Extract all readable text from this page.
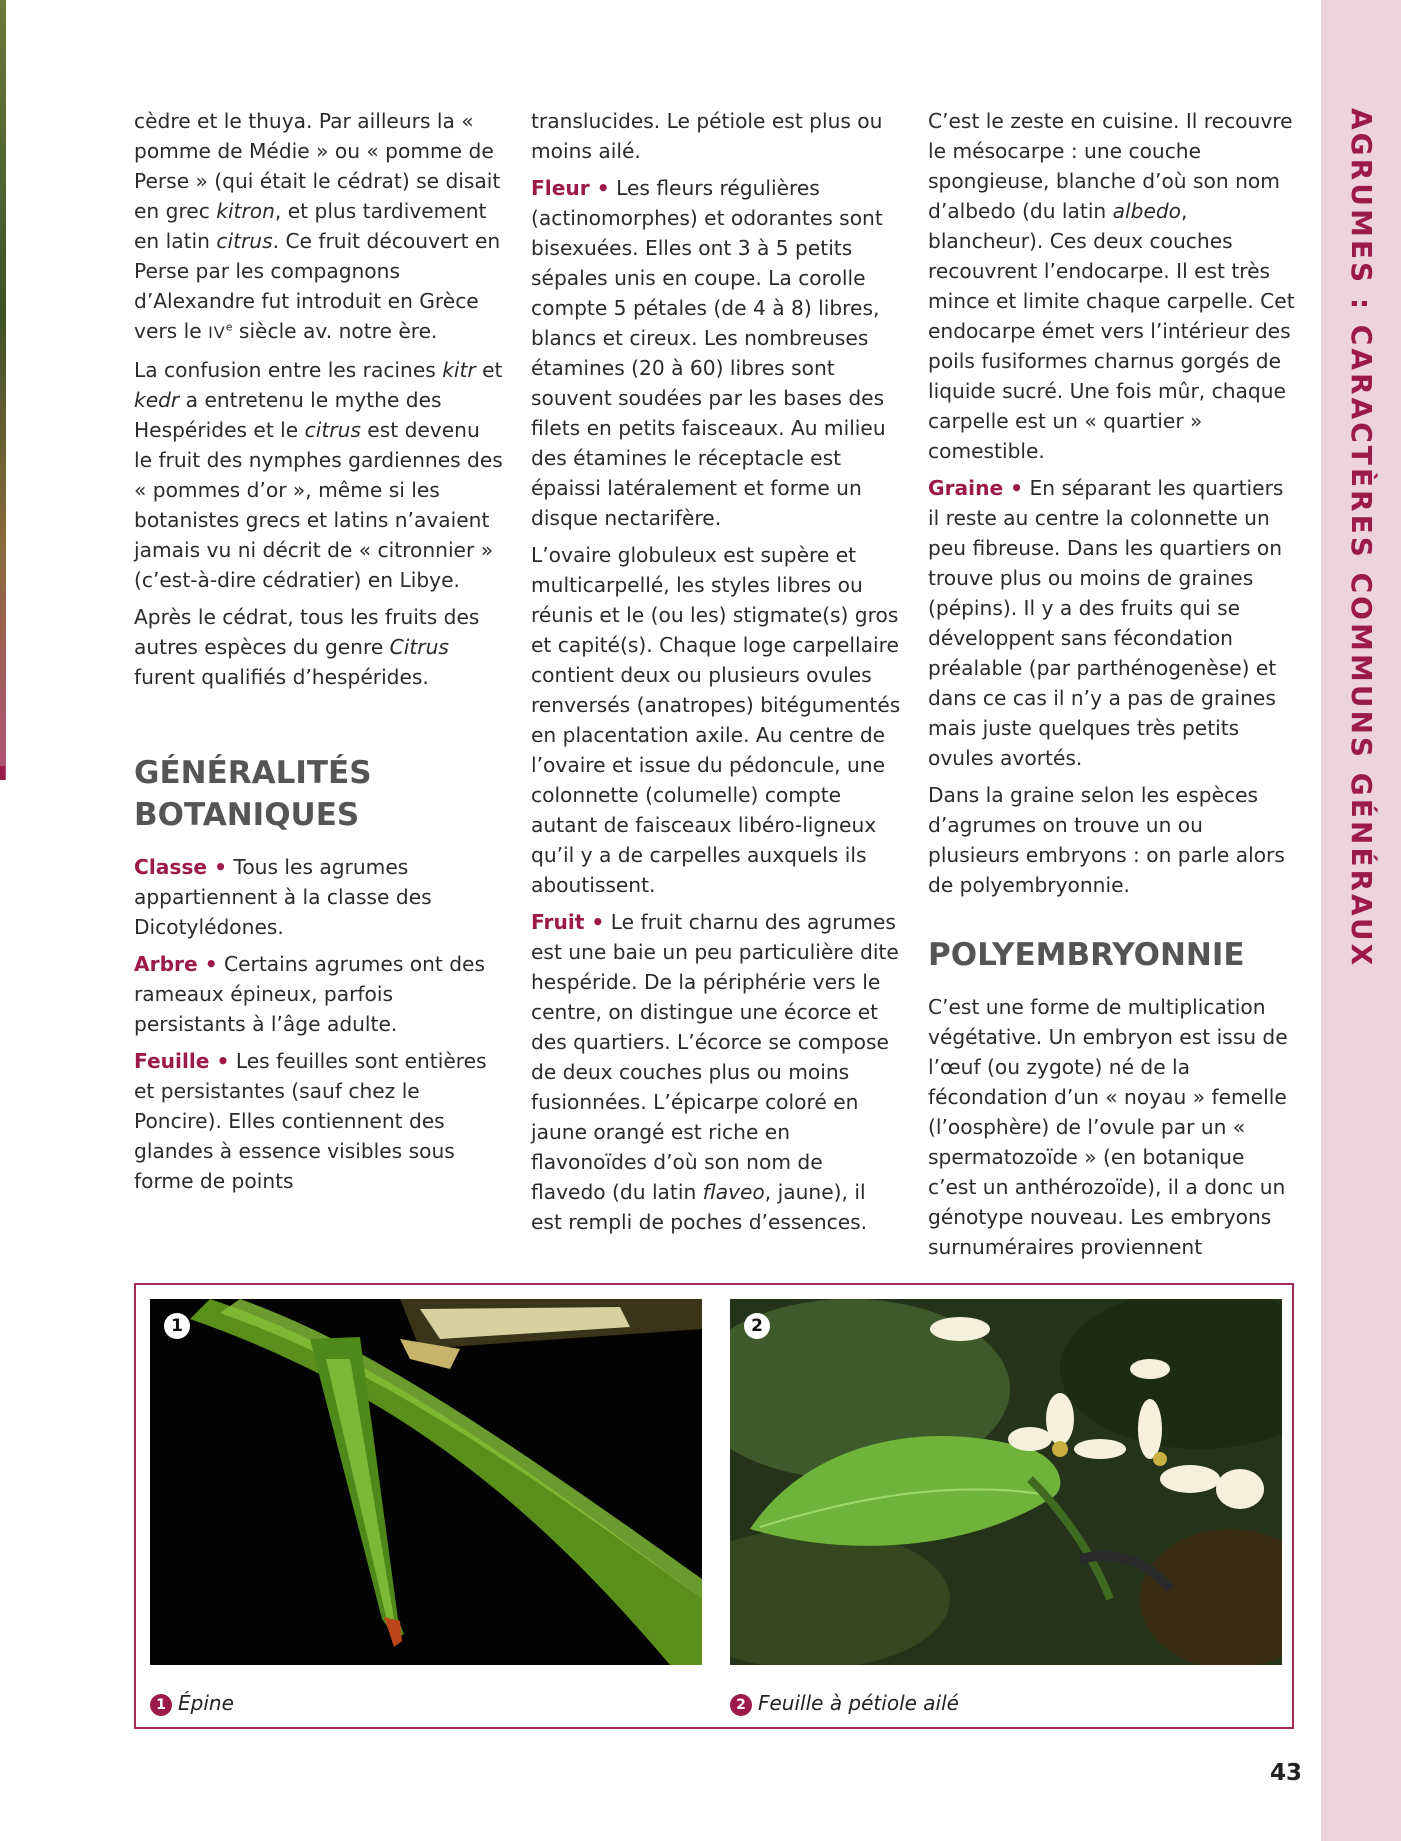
AGRUMES : CARACTÈRES COMMUNS GÉNÉRAUX

cèdre et le thuya. Par ailleurs la « pomme de Médie » ou « pomme de Perse » (qui était le cédrat) se disait en grec kitron, et plus tardivement en latin citrus. Ce fruit découvert en Perse par les compagnons d’Alexandre fut introduit en Grèce vers le IVe siècle av. notre ère.

La confusion entre les racines kitr et kedr a entretenu le mythe des Hespérides et le citrus est devenu le fruit des nymphes gardiennes des « pommes d’or », même si les botanistes grecs et latins n’avaient jamais vu ni décrit de « citronnier » (c’est-à-dire cédratier) en Libye.

Après le cédrat, tous les fruits des autres espèces du genre Citrus furent qualifiés d’hespérides.

GÉNÉRALITÉS
BOTANIQUES

Classe • Tous les agrumes appartiennent à la classe des Dicotylédones.

Arbre • Certains agrumes ont des rameaux épineux, parfois persistants à l’âge adulte.

Feuille • Les feuilles sont entières et persistantes (sauf chez le Poncire). Elles contiennent des glandes à essence visibles sous forme de points

translucides. Le pétiole est plus ou moins ailé.

Fleur • Les fleurs régulières (actinomorphes) et odorantes sont bisexuées. Elles ont 3 à 5 petits sépales unis en coupe. La corolle compte 5 pétales (de 4 à 8) libres, blancs et cireux. Les nombreuses étamines (20 à 60) libres sont souvent soudées par les bases des filets en petits faisceaux. Au milieu des étamines le réceptacle est épaissi latéralement et forme un disque nectarifère.

L’ovaire globuleux est supère et multicarpellé, les styles libres ou réunis et le (ou les) stigmate(s) gros et capité(s). Chaque loge carpellaire contient deux ou plusieurs ovules renversés (anatropes) bitégumentés en placentation axile. Au centre de l’ovaire et issue du pédoncule, une colonnette (columelle) compte autant de faisceaux libéro-ligneux qu’il y a de carpelles auxquels ils aboutissent.

Fruit • Le fruit charnu des agrumes est une baie un peu particulière dite hespéride. De la périphérie vers le centre, on distingue une écorce et des quartiers. L’écorce se compose de deux couches plus ou moins fusionnées. L’épicarpe coloré en jaune orangé est riche en flavonoïdes d’où son nom de flavedo (du latin flaveo, jaune), il est rempli de poches d’essences.

C’est le zeste en cuisine. Il recouvre le mésocarpe : une couche spongieuse, blanche d’où son nom d’albedo (du latin albedo, blancheur). Ces deux couches recouvrent l’endocarpe. Il est très mince et limite chaque carpelle. Cet endocarpe émet vers l’intérieur des poils fusiformes charnus gorgés de liquide sucré. Une fois mûr, chaque carpelle est un « quartier » comestible.

Graine • En séparant les quartiers il reste au centre la colonnette un peu fibreuse. Dans les quartiers on trouve plus ou moins de graines (pépins). Il y a des fruits qui se développent sans fécondation préalable (par parthénogenèse) et dans ce cas il n’y a pas de graines mais juste quelques très petits ovules avortés.

Dans la graine selon les espèces d’agrumes on trouve un ou plusieurs embryons : on parle alors de polyembryonnie.

POLYEMBRYONNIE

C’est une forme de multiplication végétative. Un embryon est issu de l’œuf (ou zygote) né de la fécondation d’un « noyau » femelle (l’oosphère) de l’ovule par un « spermatozoïde » (en botanique c’est un anthérozoïde), il a donc un génotype nouveau. Les embryons surnuméraires proviennent

1	2
1 Épine	2 Feuille à pétiole ailé
43
